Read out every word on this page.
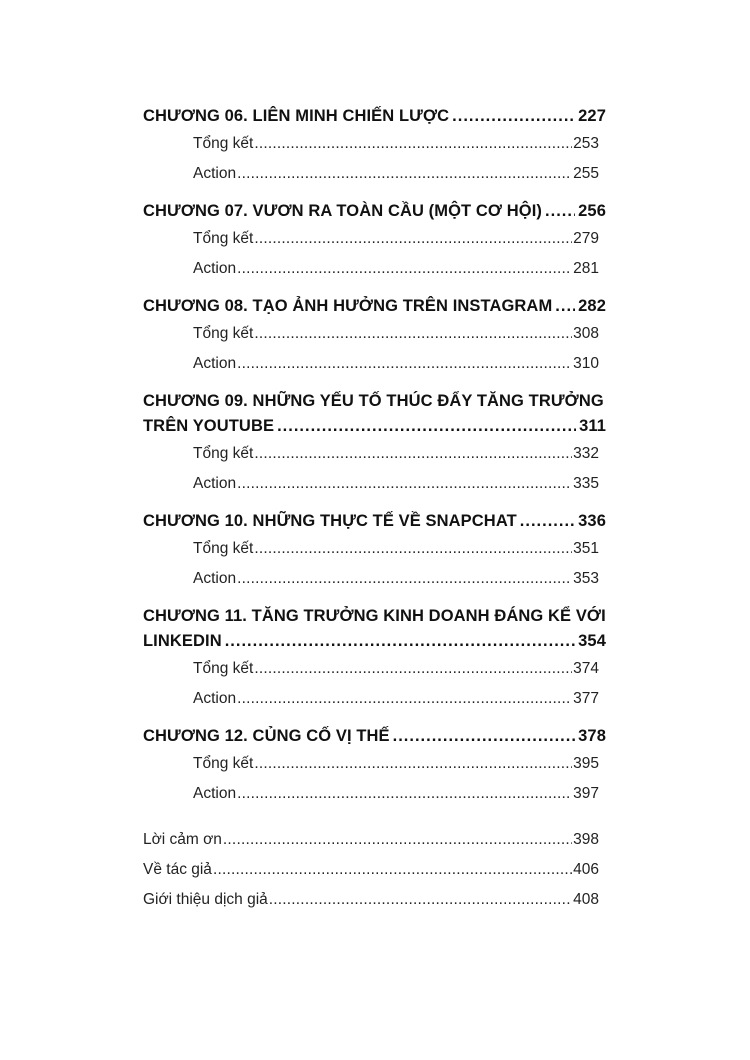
CHƯƠNG 06. LIÊN MINH CHIẾN LƯỢC .....	227
Tổng kết .....	253
Action .....	255
CHƯƠNG 07. VƯƠN RA TOÀN CẦU (MỘT CƠ HỘI) ..... 256
Tổng kết .....	279
Action .....	281
CHƯƠNG 08. TẠO ẢNH HƯỞNG TRÊN INSTAGRAM ..... 282
Tổng kết .....	308
Action .....	310
CHƯƠNG 09. NHỮNG YẾU TỐ THÚC ĐẨY TĂNG TRƯỞNG
TRÊN YOUTUBE .....	311
Tổng kết .....	332
Action .....	335
CHƯƠNG 10. NHỮNG THỰC TẾ VỀ SNAPCHAT .....	336
Tổng kết .....	351
Action .....	353
CHƯƠNG 11. TĂNG TRƯỞNG KINH DOANH ĐÁNG KỂ VỚI
LINKEDIN .....	354
Tổng kết .....	374
Action .....	377
CHƯƠNG 12. CỦNG CỐ VỊ THẾ .....	378
Tổng kết .....	395
Action .....	397
Lời cảm ơn .....	398
Về tác giả .....	406
Giới thiệu dịch giả .....	408
